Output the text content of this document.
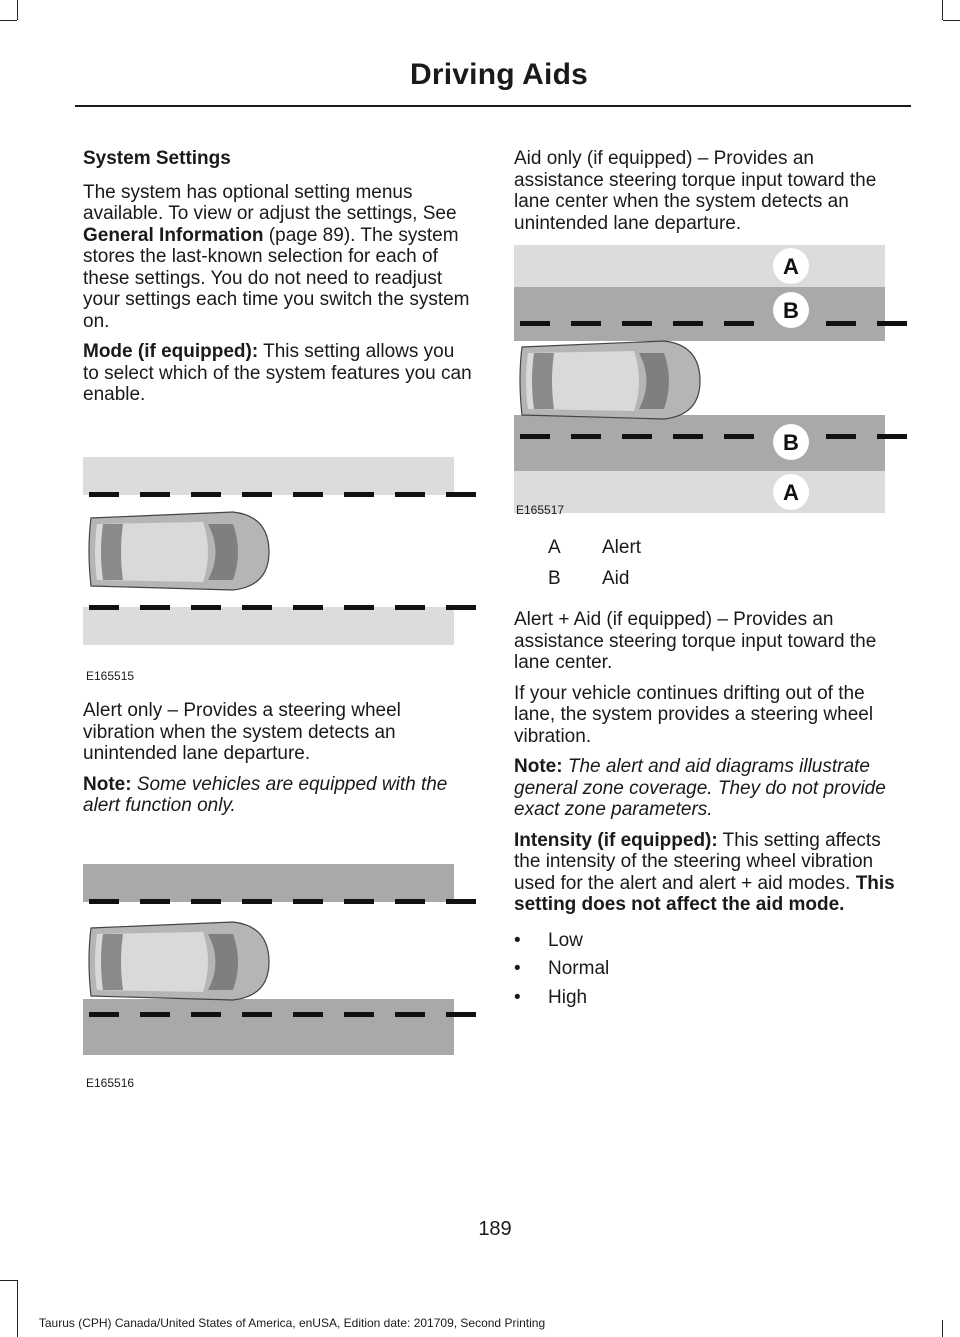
Driving Aids

System Settings

The system has optional setting menus available. To view or adjust the settings, See General Information (page 89). The system stores the last-known selection for each of these settings. You do not need to readjust your settings each time you switch the system on.

Mode (if equipped): This setting allows you to select which of the system features you can enable.

E165515

Alert only – Provides a steering wheel vibration when the system detects an unintended lane departure.

Note: Some vehicles are equipped with the alert function only.

E165516

Aid only (if equipped) – Provides an assistance steering torque input toward the lane center when the system detects an unintended lane departure.

A
B
B
A
E165517
A	Alert
B	Aid

Alert + Aid (if equipped) – Provides an assistance steering torque input toward the lane center.

If your vehicle continues drifting out of the lane, the system provides a steering wheel vibration.

Note: The alert and aid diagrams illustrate general zone coverage. They do not provide exact zone parameters.

Intensity (if equipped): This setting affects the intensity of the steering wheel vibration used for the alert and alert + aid modes. This setting does not affect the aid mode.

• Low
• Normal
• High
189
Taurus (CPH) Canada/United States of America, enUSA, Edition date: 201709, Second Printing
